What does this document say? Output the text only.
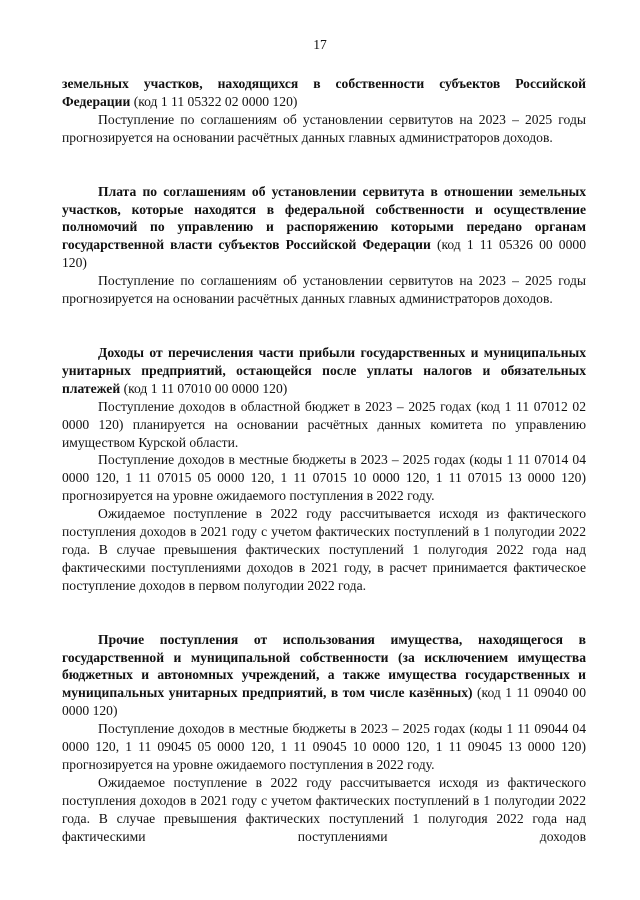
17

земельных участков, находящихся в собственности субъектов Российской Федерации (код 1 11 05322 02 0000 120)

Поступление по соглашениям об установлении сервитутов на 2023 – 2025 годы прогнозируется на основании расчётных данных главных администраторов доходов.

Плата по соглашениям об установлении сервитута в отношении земельных участков, которые находятся в федеральной собственности и осуществление полномочий по управлению и распоряжению которыми передано органам государственной власти субъектов Российской Федерации (код 1 11 05326 00 0000 120)

Поступление по соглашениям об установлении сервитутов на 2023 – 2025 годы прогнозируется на основании расчётных данных главных администраторов доходов.

Доходы от перечисления части прибыли государственных и муниципальных унитарных предприятий, остающейся после уплаты налогов и обязательных платежей (код 1 11 07010 00 0000 120)

Поступление доходов в областной бюджет в 2023 – 2025 годах (код 1 11 07012 02 0000 120) планируется на основании расчётных данных комитета по управлению имуществом Курской области.

Поступление доходов в местные бюджеты в 2023 – 2025 годах (коды 1 11 07014 04 0000 120, 1 11 07015 05 0000 120, 1 11 07015 10 0000 120, 1 11 07015 13 0000 120) прогнозируется на уровне ожидаемого поступления в 2022 году.

Ожидаемое поступление в 2022 году рассчитывается исходя из фактического поступления доходов в 2021 году с учетом фактических поступлений в 1 полугодии 2022 года. В случае превышения фактических поступлений 1 полугодия 2022 года над фактическими поступлениями доходов в 2021 году, в расчет принимается фактическое поступление доходов в первом полугодии 2022 года.

Прочие поступления от использования имущества, находящегося в государственной и муниципальной собственности (за исключением имущества бюджетных и автономных учреждений, а также имущества государственных и муниципальных унитарных предприятий, в том числе казённых) (код 1 11 09040 00 0000 120)

Поступление доходов в местные бюджеты в 2023 – 2025 годах (коды 1 11 09044 04 0000 120, 1 11 09045 05 0000 120, 1 11 09045 10 0000 120, 1 11 09045 13 0000 120) прогнозируется на уровне ожидаемого поступления в 2022 году.

Ожидаемое поступление в 2022 году рассчитывается исходя из фактического поступления доходов в 2021 году с учетом фактических поступлений в 1 полугодии 2022 года. В случае превышения фактических поступлений 1 полугодия 2022 года над фактическими поступлениями доходов
